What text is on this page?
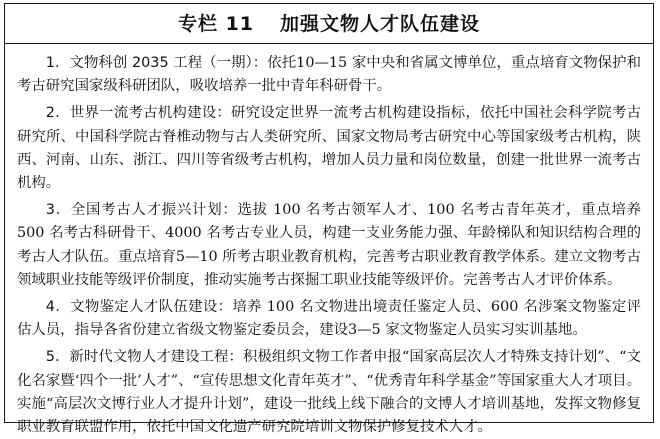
专栏 11 加强文物人才队伍建设

1．文物科创 2035 工程（一期）：依托10—15 家中央和省属文博单位，重点培育文物保护和考古研究国家级科研团队，吸收培养一批中青年科研骨干。

2．世界一流考古机构建设：研究设定世界一流考古机构建设指标，依托中国社会科学院考古研究所、中国科学院古脊椎动物与古人类研究所、国家文物局考古研究中心等国家级考古机构，陕西、河南、山东、浙江、四川等省级考古机构，增加人员力量和岗位数量，创建一批世界一流考古机构。

3．全国考古人才振兴计划：选拔 100 名考古领军人才、100 名考古青年英才，重点培养 500 名考古科研骨干、4000 名考古专业人员，构建一支业务能力强、年龄梯队和知识结构合理的考古人才队伍。重点培育5—10 所考古职业教育机构，完善考古职业教育教学体系。建立文物考古领域职业技能等级评价制度，推动实施考古探掘工职业技能等级评价。完善考古人才评价体系。

4．文物鉴定人才队伍建设：培养 100 名文物进出境责任鉴定人员、600 名涉案文物鉴定评估人员，指导各省份建立省级文物鉴定委员会，建设3—5 家文物鉴定人员实习实训基地。

5．新时代文物人才建设工程：积极组织文物工作者申报“国家高层次人才特殊支持计划”、“文化名家暨‘四个一批’人才”、“宣传思想文化青年英才”、“优秀青年科学基金”等国家重大人才项目。实施“高层次文博行业人才提升计划”，建设一批线上线下融合的文博人才培训基地，发挥文物修复职业教育联盟作用，依托中国文化遗产研究院培训文物保护修复技术人才。
